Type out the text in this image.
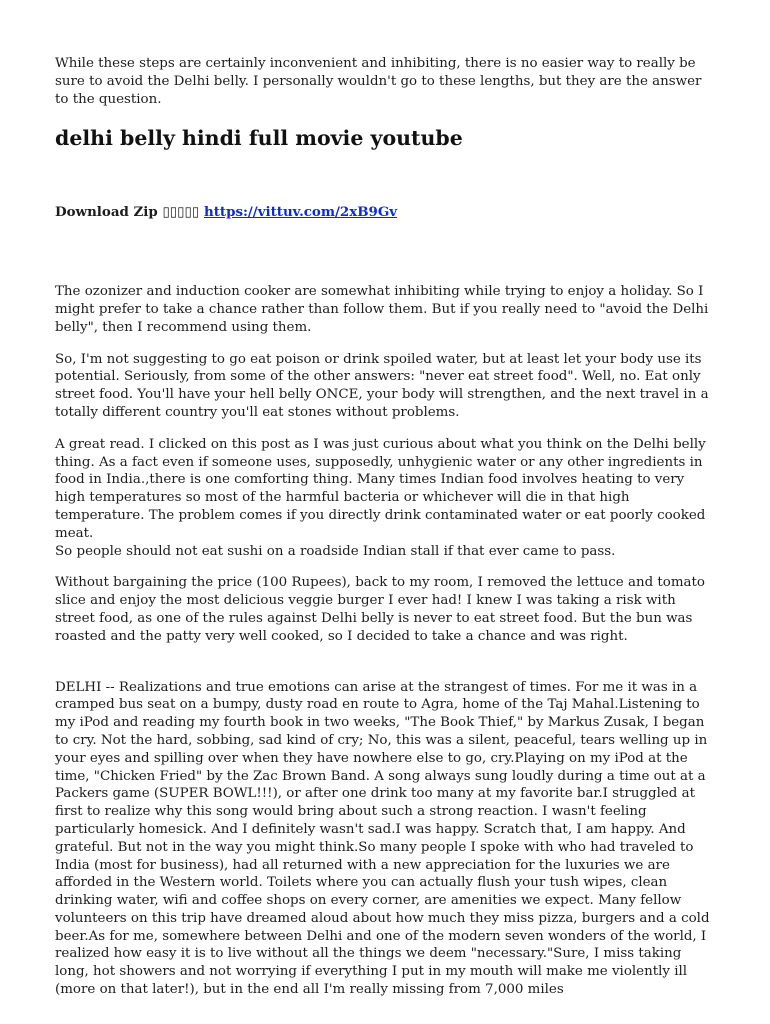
While these steps are certainly inconvenient and inhibiting, there is no easier way to really be sure to avoid the Delhi belly. I personally wouldn't go to these lengths, but they are the answer to the question.

delhi belly hindi full movie youtube
Download Zip ▯▯▯▯▯ https://vittuv.com/2xB9Gv

The ozonizer and induction cooker are somewhat inhibiting while trying to enjoy a holiday. So I might prefer to take a chance rather than follow them. But if you really need to "avoid the Delhi belly", then I recommend using them.

So, I'm not suggesting to go eat poison or drink spoiled water, but at least let your body use its potential. Seriously, from some of the other answers: "never eat street food". Well, no. Eat only street food. You'll have your hell belly ONCE, your body will strengthen, and the next travel in a totally different country you'll eat stones without problems.

A great read. I clicked on this post as I was just curious about what you think on the Delhi belly thing. As a fact even if someone uses, supposedly, unhygienic water or any other ingredients in food in India.,there is one comforting thing. Many times Indian food involves heating to very high temperatures so most of the harmful bacteria or whichever will die in that high temperature. The problem comes if you directly drink contaminated water or eat poorly cooked meat.

So people should not eat sushi on a roadside Indian stall if that ever came to pass.

Without bargaining the price (100 Rupees), back to my room, I removed the lettuce and tomato slice and enjoy the most delicious veggie burger I ever had! I knew I was taking a risk with street food, as one of the rules against Delhi belly is never to eat street food. But the bun was roasted and the patty very well cooked, so I decided to take a chance and was right.

DELHI -- Realizations and true emotions can arise at the strangest of times. For me it was in a cramped bus seat on a bumpy, dusty road en route to Agra, home of the Taj Mahal.Listening to my iPod and reading my fourth book in two weeks, "The Book Thief," by Markus Zusak, I began to cry. Not the hard, sobbing, sad kind of cry; No, this was a silent, peaceful, tears welling up in your eyes and spilling over when they have nowhere else to go, cry.Playing on my iPod at the time, "Chicken Fried" by the Zac Brown Band. A song always sung loudly during a time out at a Packers game (SUPER BOWL!!!), or after one drink too many at my favorite bar.I struggled at first to realize why this song would bring about such a strong reaction. I wasn't feeling particularly homesick. And I definitely wasn't sad.I was happy. Scratch that, I am happy. And grateful. But not in the way you might think.So many people I spoke with who had traveled to India (most for business), had all returned with a new appreciation for the luxuries we are afforded in the Western world. Toilets where you can actually flush your tush wipes, clean drinking water, wifi and coffee shops on every corner, are amenities we expect. Many fellow volunteers on this trip have dreamed aloud about how much they miss pizza, burgers and a cold beer.As for me, somewhere between Delhi and one of the modern seven wonders of the world, I realized how easy it is to live without all the things we deem "necessary."Sure, I miss taking long, hot showers and not worrying if everything I put in my mouth will make me violently ill (more on that later!), but in the end all I'm really missing from 7,000 miles
